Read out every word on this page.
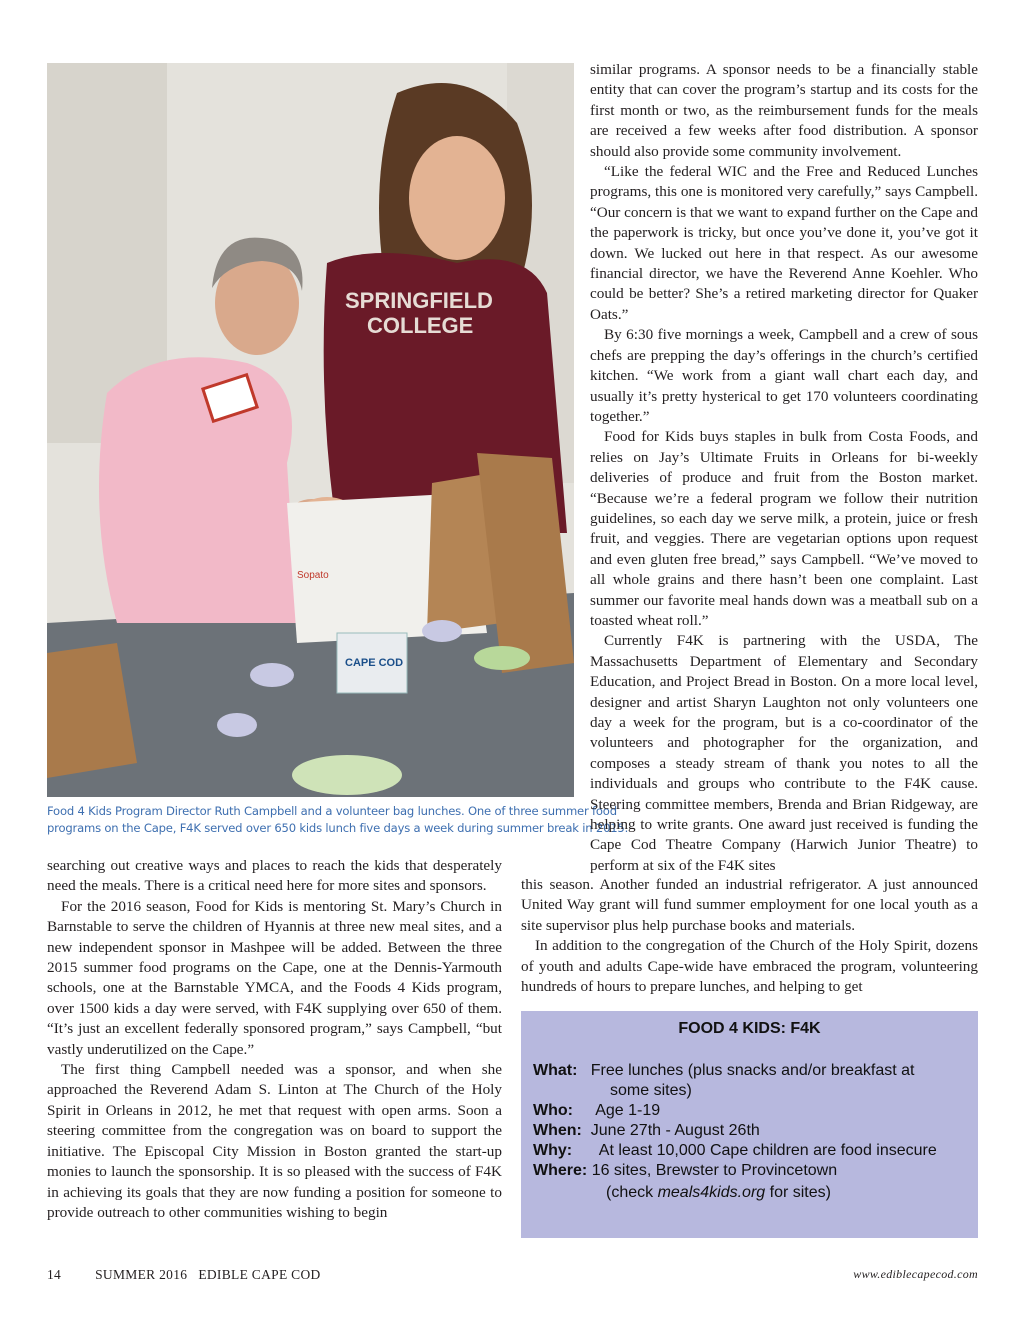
SPRINGFIELD
COLLEGE
Sopato
CAPE COD
Food 4 Kids Program Director Ruth Campbell and a volunteer bag lunches. One of three summer food
programs on the Cape, F4K served over 650 kids lunch five days a week during summer break in 2015.

similar programs. A sponsor needs to be a financially stable entity that can cover the program’s startup and its costs for the first month or two, as the reimbursement funds for the meals are received a few weeks after food distribution. A sponsor should also provide some community involvement.

“Like the federal WIC and the Free and Reduced Lunches programs, this one is monitored very carefully,” says Campbell. “Our concern is that we want to expand further on the Cape and the paperwork is tricky, but once you’ve done it, you’ve got it down. We lucked out here in that respect. As our awesome financial director, we have the Reverend Anne Koehler. Who could be better? She’s a retired marketing director for Quaker Oats.”

By 6:30 five mornings a week, Campbell and a crew of sous chefs are prepping the day’s offerings in the church’s certified kitchen. “We work from a giant wall chart each day, and usually it’s pretty hysterical to get 170 volunteers coordinating together.”

Food for Kids buys staples in bulk from Costa Foods, and relies on Jay’s Ultimate Fruits in Orleans for bi-weekly deliveries of produce and fruit from the Boston market. “Because we’re a federal program we follow their nutrition guidelines, so each day we serve milk, a protein, juice or fresh fruit, and veggies. There are vegetarian options upon request and even gluten free bread,” says Campbell. “We’ve moved to all whole grains and there hasn’t been one complaint. Last summer our favorite meal hands down was a meatball sub on a toasted wheat roll.”

Currently F4K is partnering with the USDA, The Massachusetts Department of Elementary and Secondary Education, and Project Bread in Boston. On a more local level, designer and artist Sharyn Laughton not only volunteers one day a week for the program, but is a co-coordinator of the volunteers and photographer for the organization, and composes a steady stream of thank you notes to all the individuals and groups who contribute to the F4K cause. Steering committee members, Brenda and Brian Ridgeway, are helping to write grants. One award just received is funding the Cape Cod Theatre Company (Harwich Junior Theatre) to perform at six of the F4K sites

this season. Another funded an industrial refrigerator. A just announced United Way grant will fund summer employment for one local youth as a site supervisor plus help purchase books and materials.

In addition to the congregation of the Church of the Holy Spirit, dozens of youth and adults Cape-wide have embraced the program, volunteering hundreds of hours to prepare lunches, and helping to get

searching out creative ways and places to reach the kids that desperately need the meals. There is a critical need here for more sites and sponsors.

For the 2016 season, Food for Kids is mentoring St. Mary’s Church in Barnstable to serve the children of Hyannis at three new meal sites, and a new independent sponsor in Mashpee will be added. Between the three 2015 summer food programs on the Cape, one at the Dennis-Yarmouth schools, one at the Barnstable YMCA, and the Foods 4 Kids program, over 1500 kids a day were served, with F4K supplying over 650 of them. “It’s just an excellent federally sponsored program,” says Campbell, “but vastly underutilized on the Cape.”

The first thing Campbell needed was a sponsor, and when she approached the Reverend Adam S. Linton at The Church of the Holy Spirit in Orleans in 2012, he met that request with open arms. Soon a steering committee from the congregation was on board to support the initiative. The Episcopal City Mission in Boston granted the start-up monies to launch the sponsorship. It is so pleased with the success of F4K in achieving its goals that they are now funding a position for someone to provide outreach to other communities wishing to begin

FOOD 4 KIDS: F4K
What: Free lunches (plus snacks and/or breakfast at
some sites)
Who: Age 1-19
When: June 27th - August 26th
Why: At least 10,000 Cape children are food insecure
Where: 16 sites, Brewster to Provincetown
(check meals4kids.org for sites)
14	SUMMER 2016   EDIBLE CAPE COD	www.ediblecapecod.com
